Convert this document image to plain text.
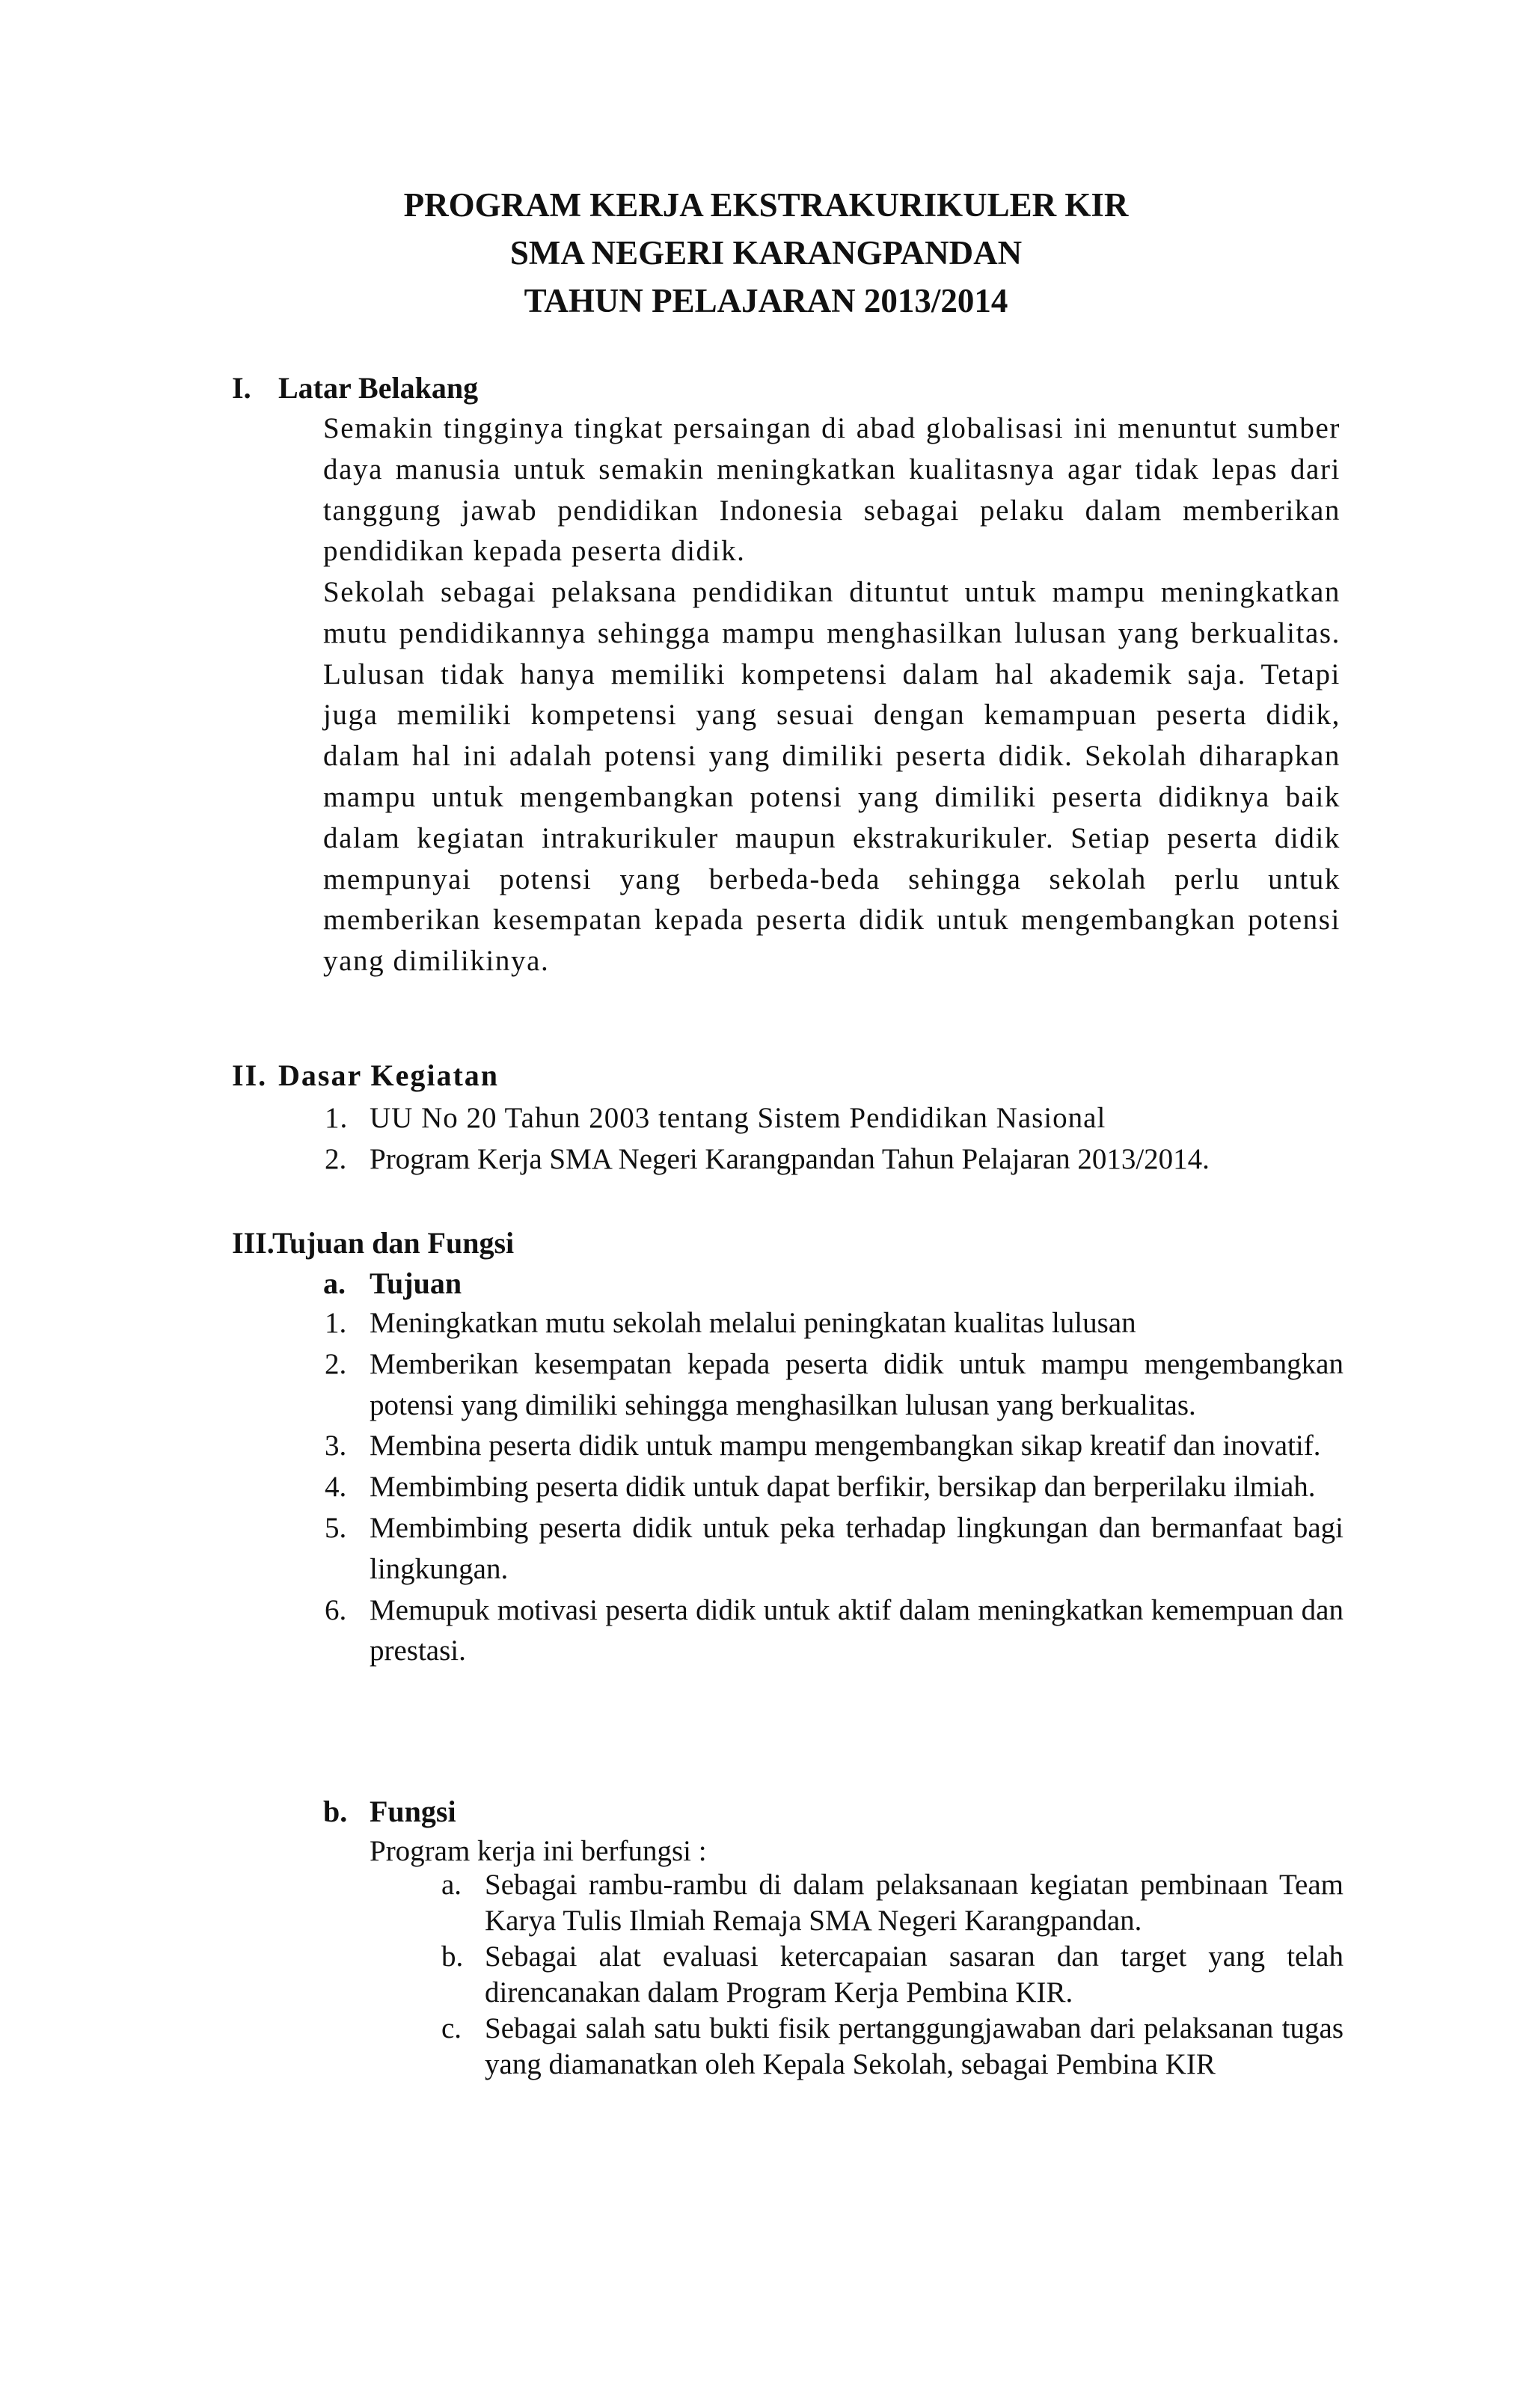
PROGRAM KERJA EKSTRAKURIKULER KIR
SMA NEGERI KARANGPANDAN
TAHUN PELAJARAN 2013/2014
I. Latar Belakang
Semakin tingginya tingkat persaingan di abad globalisasi ini menuntut sumber daya manusia untuk semakin meningkatkan kualitasnya agar tidak lepas dari tanggung jawab pendidikan Indonesia sebagai pelaku dalam memberikan pendidikan kepada peserta didik.
Sekolah sebagai pelaksana pendidikan dituntut untuk mampu meningkatkan mutu pendidikannya sehingga mampu menghasilkan lulusan yang berkualitas. Lulusan tidak hanya memiliki kompetensi dalam hal akademik saja. Tetapi juga memiliki kompetensi yang sesuai dengan kemampuan peserta didik, dalam hal ini adalah potensi yang dimiliki peserta didik. Sekolah diharapkan mampu untuk mengembangkan potensi yang dimiliki peserta didiknya baik dalam kegiatan intrakurikuler maupun ekstrakurikuler. Setiap peserta didik mempunyai potensi yang berbeda-beda sehingga sekolah perlu untuk memberikan kesempatan kepada peserta didik untuk mengembangkan potensi yang dimilikinya.
II. Dasar Kegiatan
1. UU No 20 Tahun 2003 tentang Sistem Pendidikan Nasional
2. Program Kerja SMA Negeri Karangpandan Tahun Pelajaran 2013/2014.
III.Tujuan dan Fungsi
a. Tujuan
1. Meningkatkan mutu sekolah melalui peningkatan kualitas lulusan
2. Memberikan kesempatan kepada peserta didik untuk mampu mengembangkan potensi yang dimiliki sehingga menghasilkan lulusan yang berkualitas.
3. Membina peserta didik untuk mampu mengembangkan sikap kreatif dan inovatif.
4. Membimbing peserta didik untuk dapat berfikir, bersikap dan berperilaku ilmiah.
5. Membimbing peserta didik untuk peka terhadap lingkungan dan bermanfaat bagi lingkungan.
6. Memupuk motivasi peserta didik untuk aktif dalam meningkatkan kemempuan dan prestasi.
b. Fungsi
Program kerja ini berfungsi :
a. Sebagai rambu-rambu di dalam pelaksanaan kegiatan pembinaan Team Karya Tulis Ilmiah Remaja SMA Negeri Karangpandan.
b. Sebagai alat evaluasi ketercapaian sasaran dan target yang telah direncanakan dalam Program Kerja Pembina KIR.
c. Sebagai salah satu bukti fisik pertanggungjawaban dari pelaksanan tugas yang diamanatkan oleh Kepala Sekolah, sebagai Pembina KIR
